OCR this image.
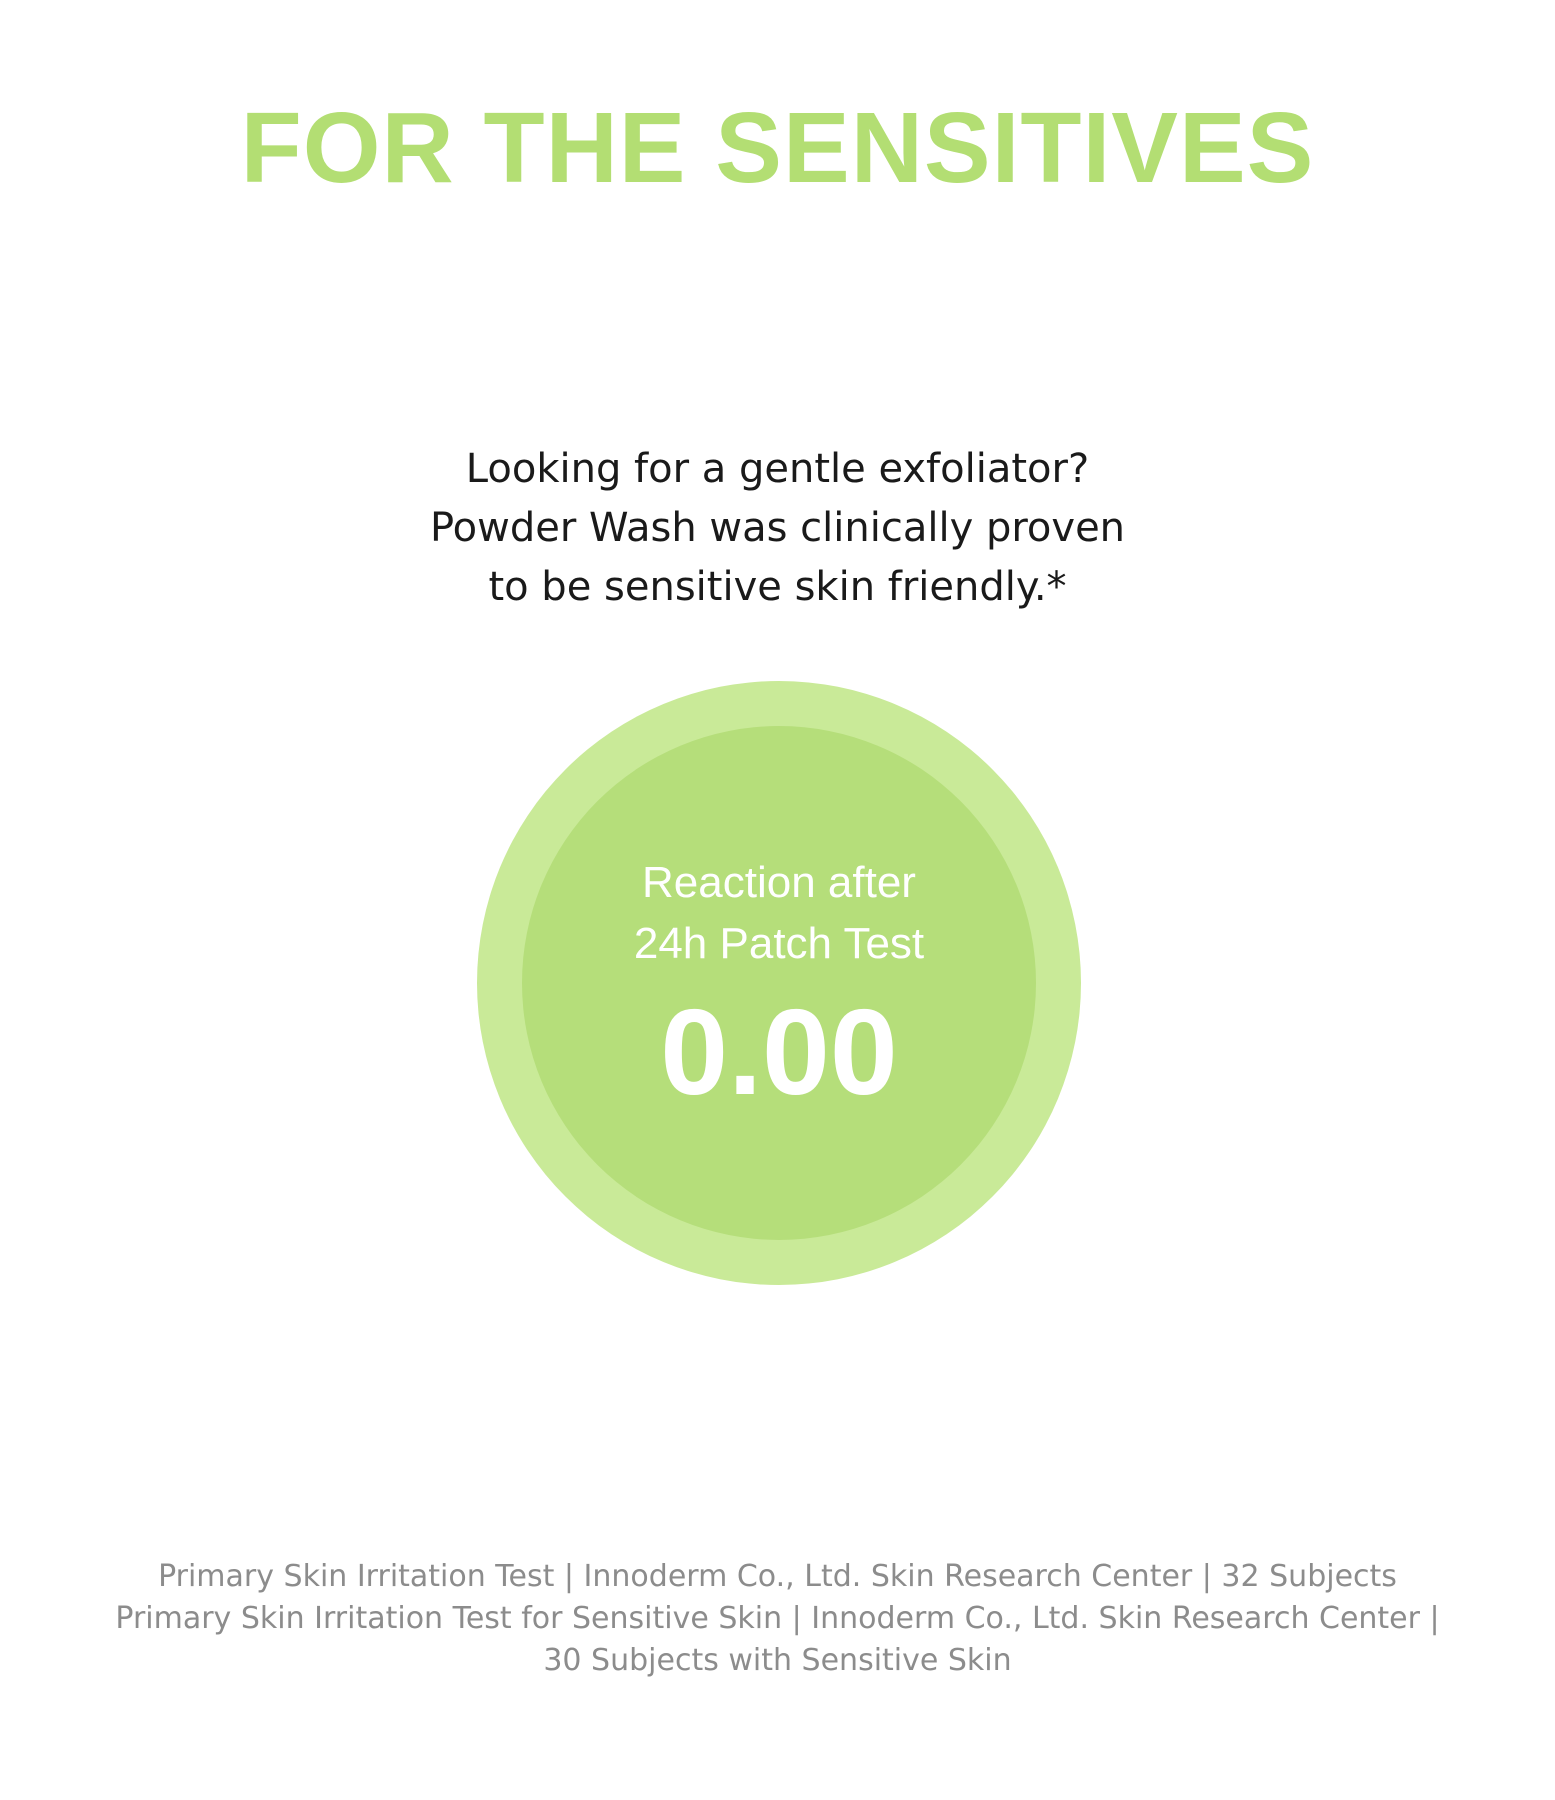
FOR THE SENSITIVES

Looking for a gentle exfoliator?
Powder Wash was clinically proven
to be sensitive skin friendly.*

Reaction after
24h Patch Test
0.00
Primary Skin Irritation Test | Innoderm Co., Ltd. Skin Research Center | 32 Subjects
Primary Skin Irritation Test for Sensitive Skin | Innoderm Co., Ltd. Skin Research Center |
30 Subjects with Sensitive Skin
